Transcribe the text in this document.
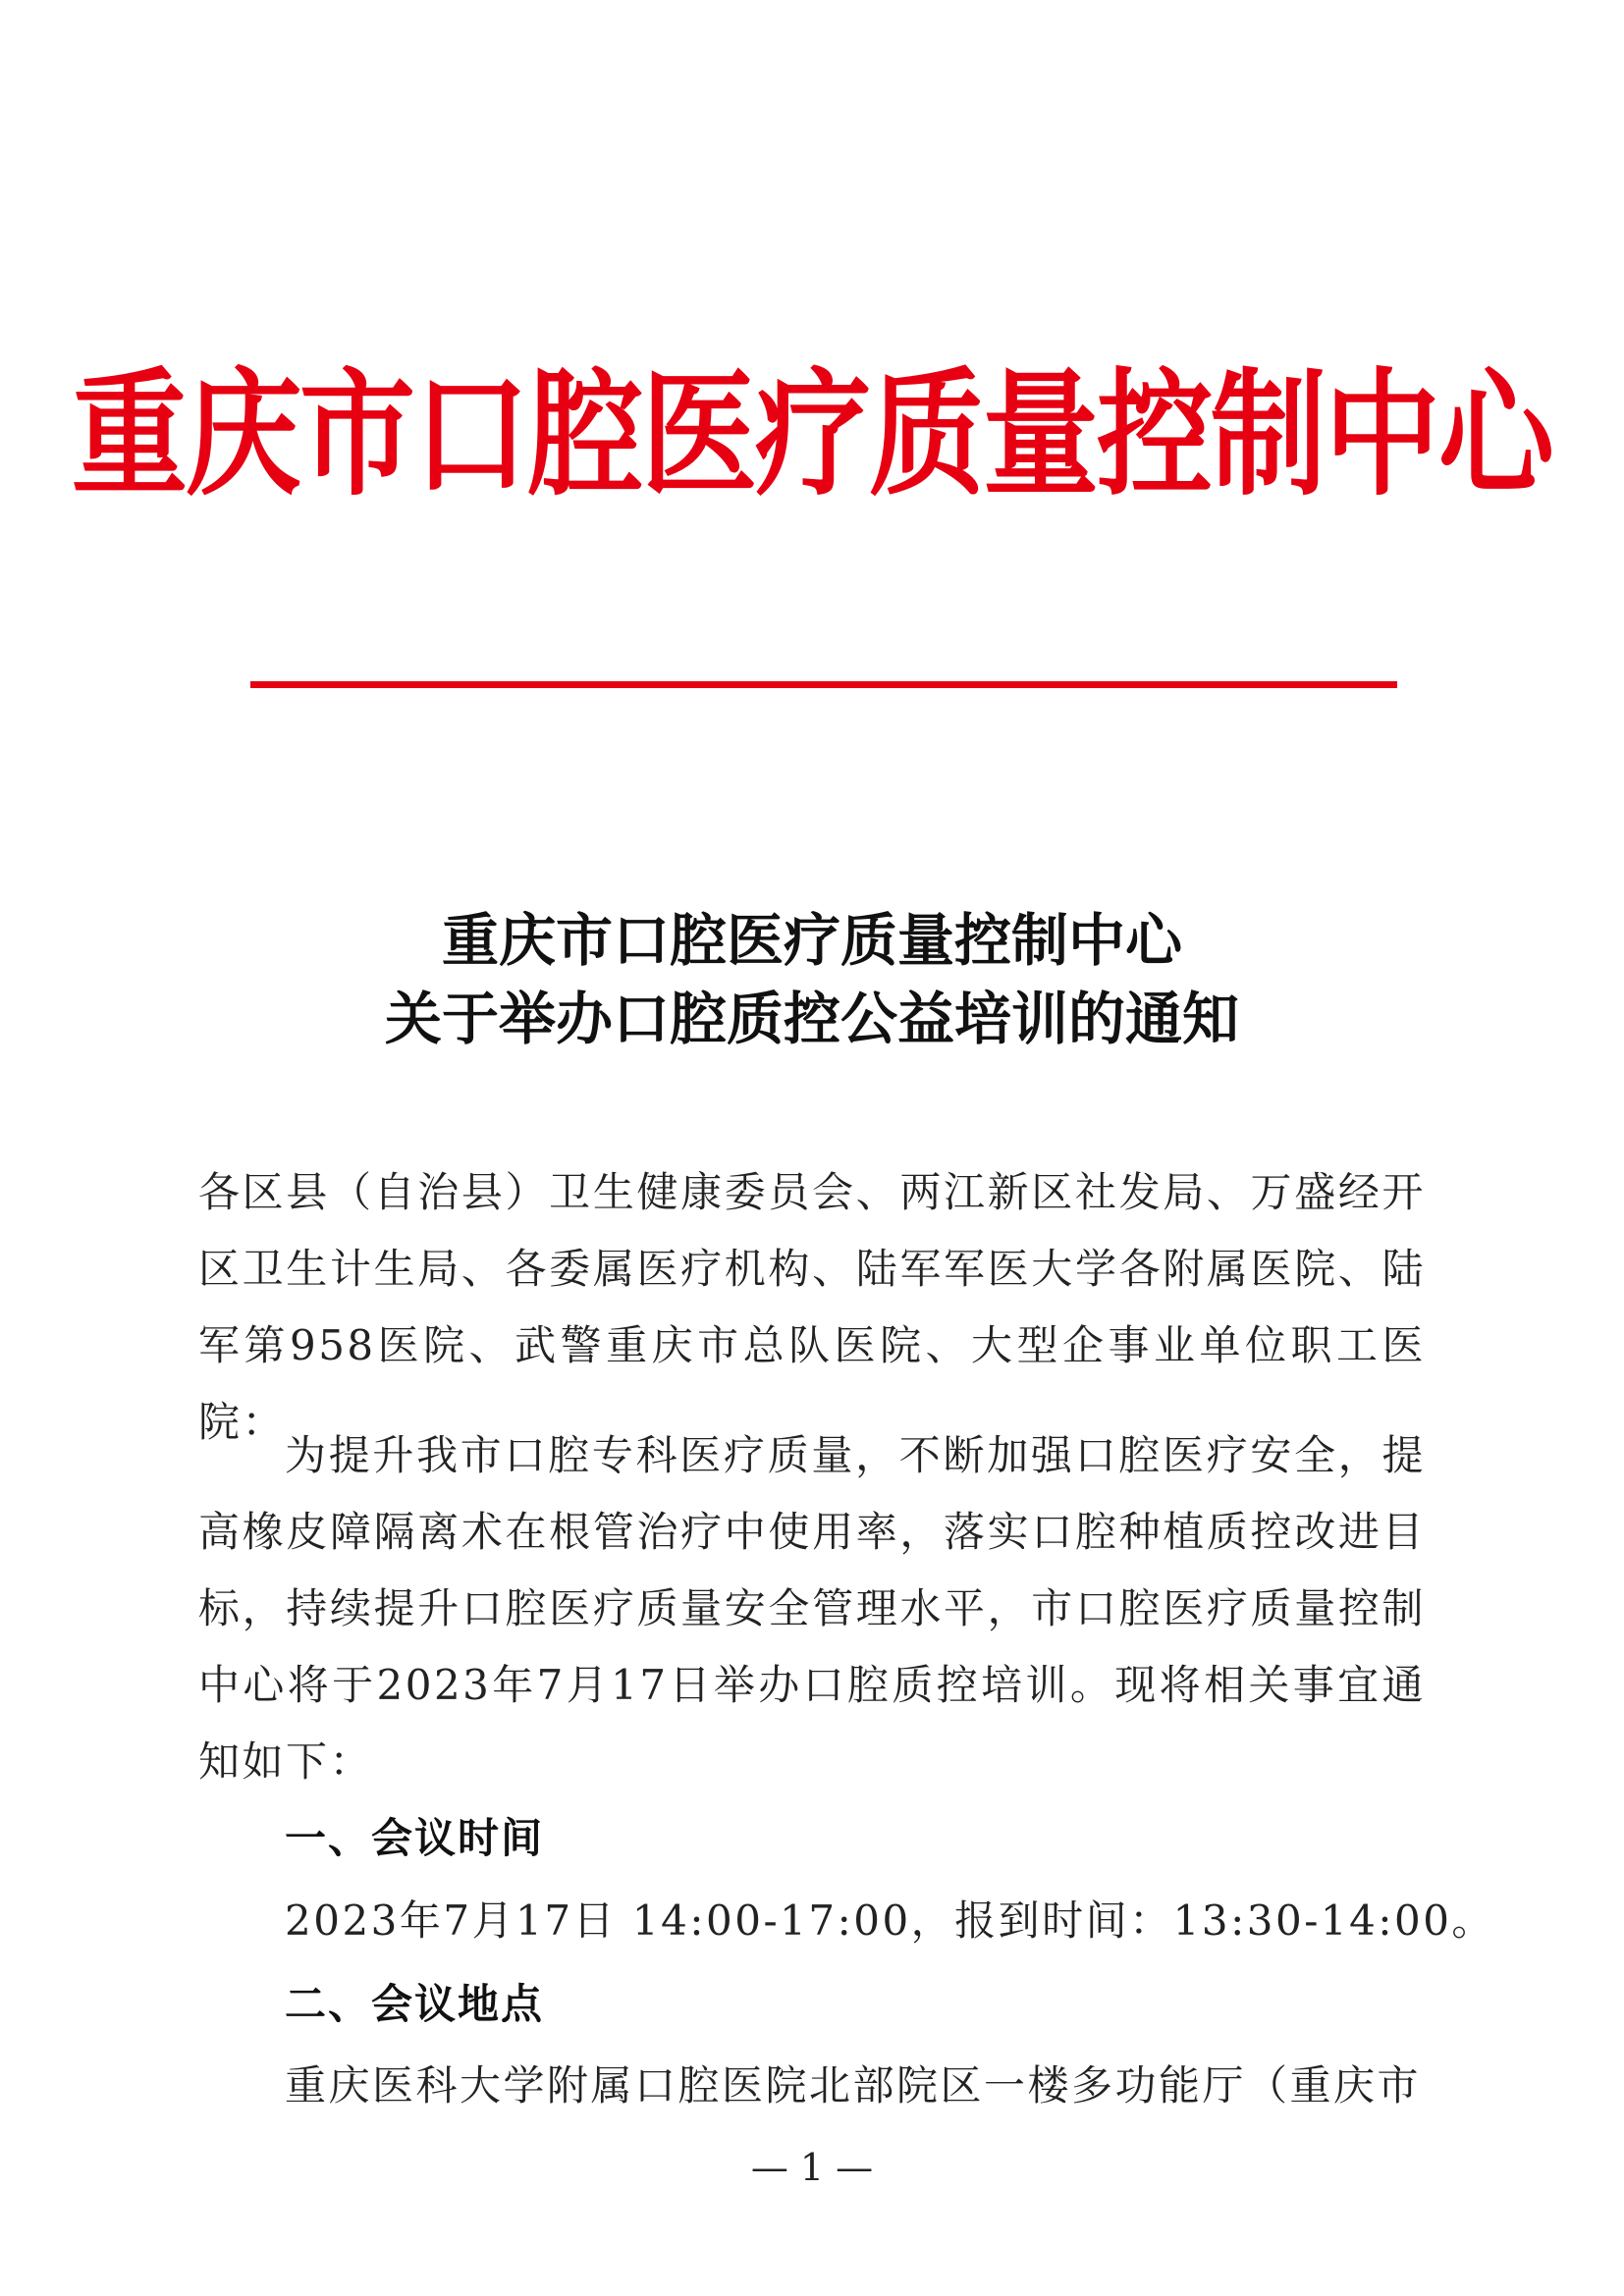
重庆市口腔医疗质量控制中心
重庆市口腔医疗质量控制中心
关于举办口腔质控公益培训的通知

各区县（自治县）卫生健康委员会、两江新区社发局、万盛经开区卫生计生局、各委属医疗机构、陆军军医大学各附属医院、陆军第958医院、武警重庆市总队医院、大型企事业单位职工医院：

为提升我市口腔专科医疗质量，不断加强口腔医疗安全，提高橡皮障隔离术在根管治疗中使用率，落实口腔种植质控改进目标，持续提升口腔医疗质量安全管理水平，市口腔医疗质量控制中心将于2023年7月17日举办口腔质控培训。现将相关事宜通知如下：

一、会议时间
2023年7月17日 14:00-17:00，报到时间：13:30-14:00。
二、会议地点
重庆医科大学附属口腔医院北部院区一楼多功能厅（重庆市
— 1 —
